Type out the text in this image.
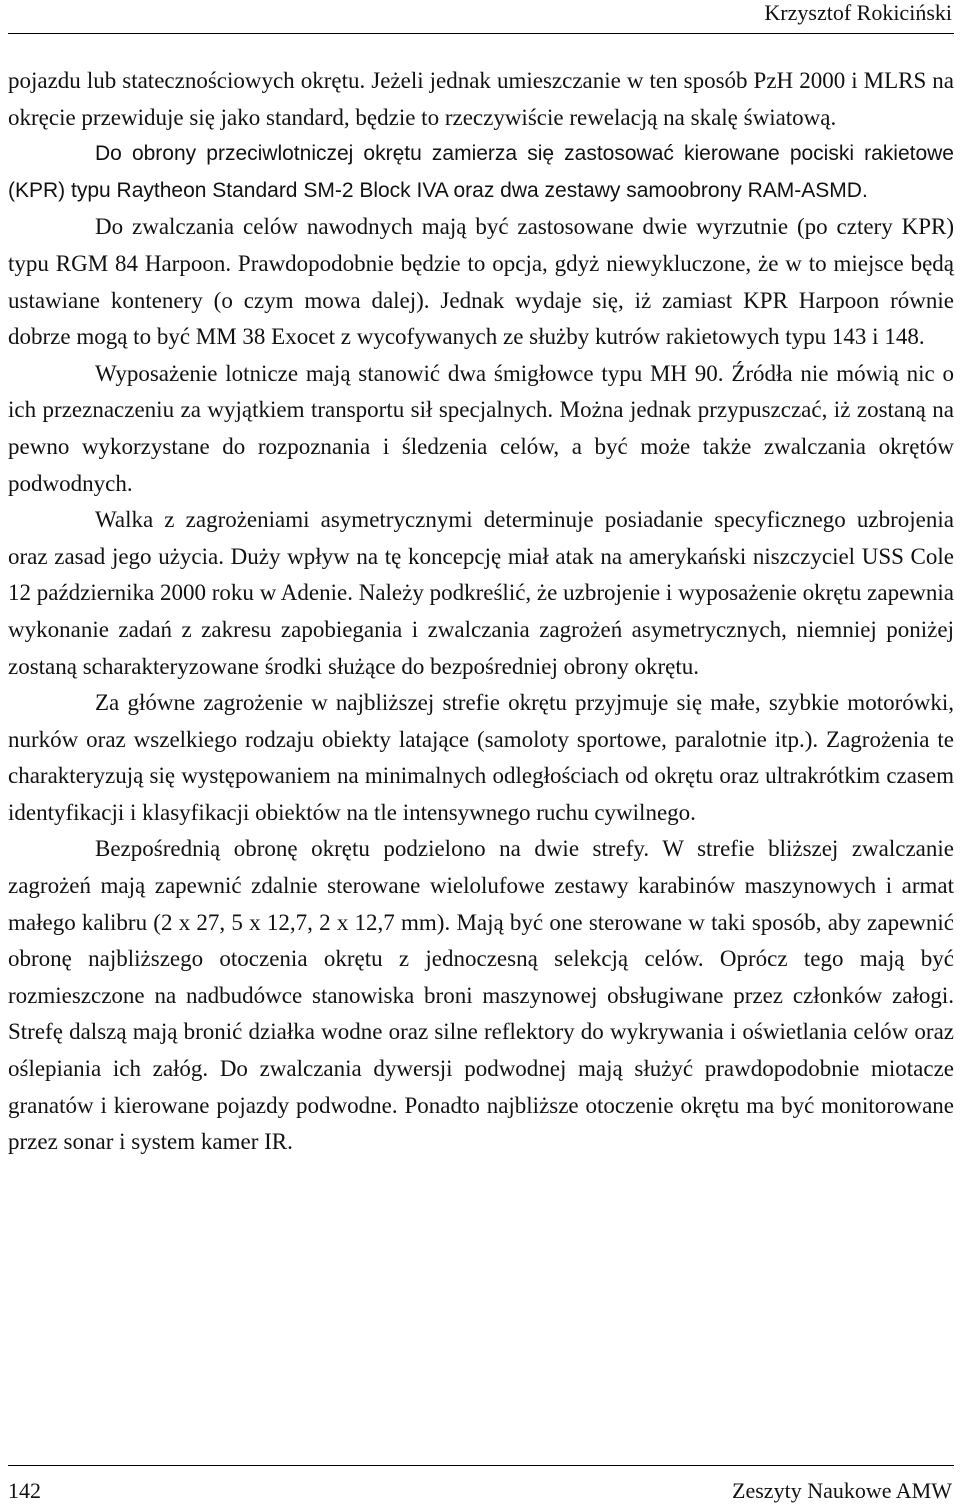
Krzysztof Rokiciński

pojazdu lub statecznościowych okrętu. Jeżeli jednak umieszczanie w ten sposób PzH 2000 i MLRS na okręcie przewiduje się jako standard, będzie to rzeczywiście rewelacją na skalę światową.

Do obrony przeciwlotniczej okrętu zamierza się zastosować kierowane pociski rakietowe (KPR) typu Raytheon Standard SM-2 Block IVA oraz dwa zestawy samoobrony RAM-ASMD.

Do zwalczania celów nawodnych mają być zastosowane dwie wyrzutnie (po cztery KPR) typu RGM 84 Harpoon. Prawdopodobnie będzie to opcja, gdyż niewykluczone, że w to miejsce będą ustawiane kontenery (o czym mowa dalej). Jednak wydaje się, iż zamiast KPR Harpoon równie dobrze mogą to być MM 38 Exocet z wycofywanych ze służby kutrów rakietowych typu 143 i 148.

Wyposażenie lotnicze mają stanowić dwa śmigłowce typu MH 90. Źródła nie mówią nic o ich przeznaczeniu za wyjątkiem transportu sił specjalnych. Można jednak przypuszczać, iż zostaną na pewno wykorzystane do rozpoznania i śledzenia celów, a być może także zwalczania okrętów podwodnych.

Walka z zagrożeniami asymetrycznymi determinuje posiadanie specyficznego uzbrojenia oraz zasad jego użycia. Duży wpływ na tę koncepcję miał atak na amerykański niszczyciel USS Cole 12 października 2000 roku w Adenie. Należy podkreślić, że uzbrojenie i wyposażenie okrętu zapewnia wykonanie zadań z zakresu zapobiegania i zwalczania zagrożeń asymetrycznych, niemniej poniżej zostaną scharakteryzowane środki służące do bezpośredniej obrony okrętu.

Za główne zagrożenie w najbliższej strefie okrętu przyjmuje się małe, szybkie motorówki, nurków oraz wszelkiego rodzaju obiekty latające (samoloty sportowe, paralotnie itp.). Zagrożenia te charakteryzują się występowaniem na minimalnych odległościach od okrętu oraz ultrakrótkim czasem identyfikacji i klasyfikacji obiektów na tle intensywnego ruchu cywilnego.

Bezpośrednią obronę okrętu podzielono na dwie strefy. W strefie bliższej zwalczanie zagrożeń mają zapewnić zdalnie sterowane wielolufowe zestawy karabinów maszynowych i armat małego kalibru (2 x 27, 5 x 12,7, 2 x 12,7 mm). Mają być one sterowane w taki sposób, aby zapewnić obronę najbliższego otoczenia okrętu z jednoczesną selekcją celów. Oprócz tego mają być rozmieszczone na nadbudówce stanowiska broni maszynowej obsługiwane przez członków załogi. Strefę dalszą mają bronić działka wodne oraz silne reflektory do wykrywania i oświetlania celów oraz oślepiania ich załóg. Do zwalczania dywersji podwodnej mają służyć prawdopodobnie miotacze granatów i kierowane pojazdy podwodne. Ponadto najbliższe otoczenie okrętu ma być monitorowane przez sonar i system kamer IR.

142	Zeszyty Naukowe AMW
